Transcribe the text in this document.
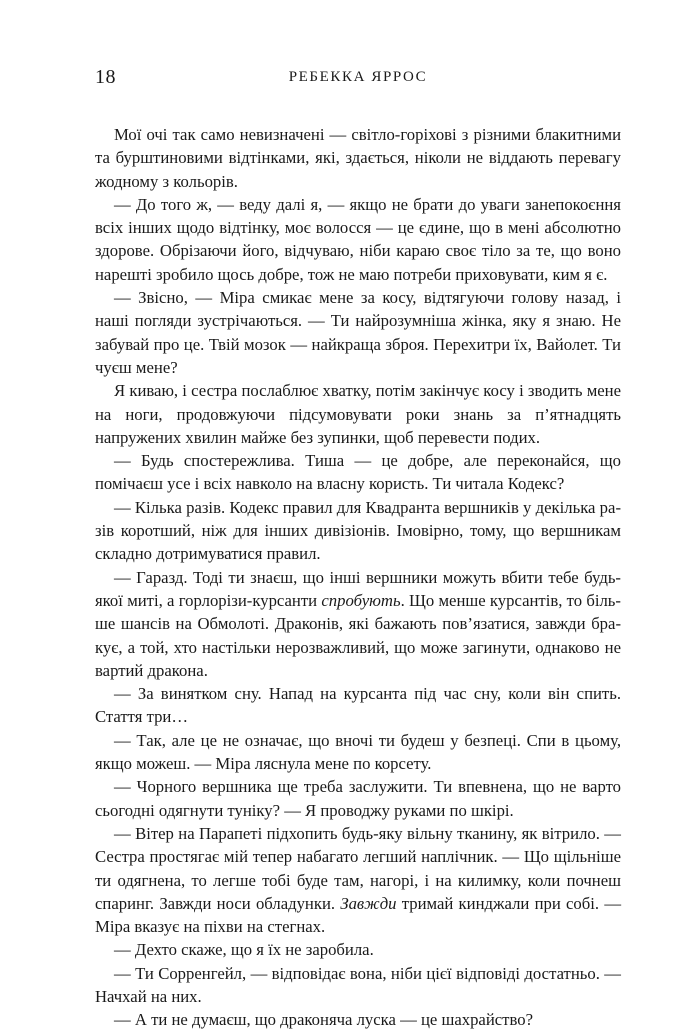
18	РЕБЕККА ЯРРОС

Мої очі так само невизначені — світло-горіхові з різними блакитними та бурштиновими відтінками, які, здається, ніколи не віддають перевагу жодному з кольорів.

— До того ж, — веду далі я, — якщо не брати до уваги занепокоєння всіх інших щодо відтінку, моє волосся — це єдине, що в мені абсолютно здорове. Обрізаючи його, відчуваю, ніби караю своє тіло за те, що воно нарешті зробило щось добре, тож не маю потреби приховувати, ким я є.

— Звісно, — Міра смикає мене за косу, відтягуючи голову назад, і наші погляди зустрічаються. — Ти найрозумніша жінка, яку я знаю. Не забувай про це. Твій мозок — найкраща зброя. Перехитри їх, Вайолет. Ти чуєш мене?

Я киваю, і сестра послаблює хватку, потім закінчує косу і зводить мене на ноги, продовжуючи підсумовувати роки знань за п’ятнадцять напружених хвилин майже без зупинки, щоб перевести подих.

— Будь спостережлива. Тиша — це добре, але переконайся, що помічаєш усе і всіх навколо на власну користь. Ти читала Кодекс?

— Кілька разів. Кодекс правил для Квадранта вершників у декілька разів коротший, ніж для інших дивізіонів. Імовірно, тому, що вершникам складно дотримуватися правил.

— Гаразд. Тоді ти знаєш, що інші вершники можуть вбити тебе будь-якої миті, а горлорізи-курсанти спробують. Що менше курсантів, то більше шансів на Обмолоті. Драконів, які бажають пов’язатися, завжди бракує, а той, хто настільки нерозважливий, що може загинути, однаково не вартий дракона.

— За винятком сну. Напад на курсанта під час сну, коли він спить. Стаття три…

— Так, але це не означає, що вночі ти будеш у безпеці. Спи в цьому, якщо можеш. — Міра ляснула мене по корсету.

— Чорного вершника ще треба заслужити. Ти впевнена, що не варто сьогодні одягнути туніку? — Я проводжу руками по шкірі.

— Вітер на Парапеті підхопить будь-яку вільну тканину, як вітрило. — Сестра простягає мій тепер набагато легший наплічник. — Що щільніше ти одягнена, то легше тобі буде там, нагорі, і на килимку, коли почнеш спаринг. Завжди носи обладунки. Завжди тримай кинджали при собі. — Міра вказує на піхви на стегнах.

— Дехто скаже, що я їх не заробила.

— Ти Сорренгейл, — відповідає вона, ніби цієї відповіді достатньо. — Начхай на них.

— А ти не думаєш, що драконяча луска — це шахрайство?
